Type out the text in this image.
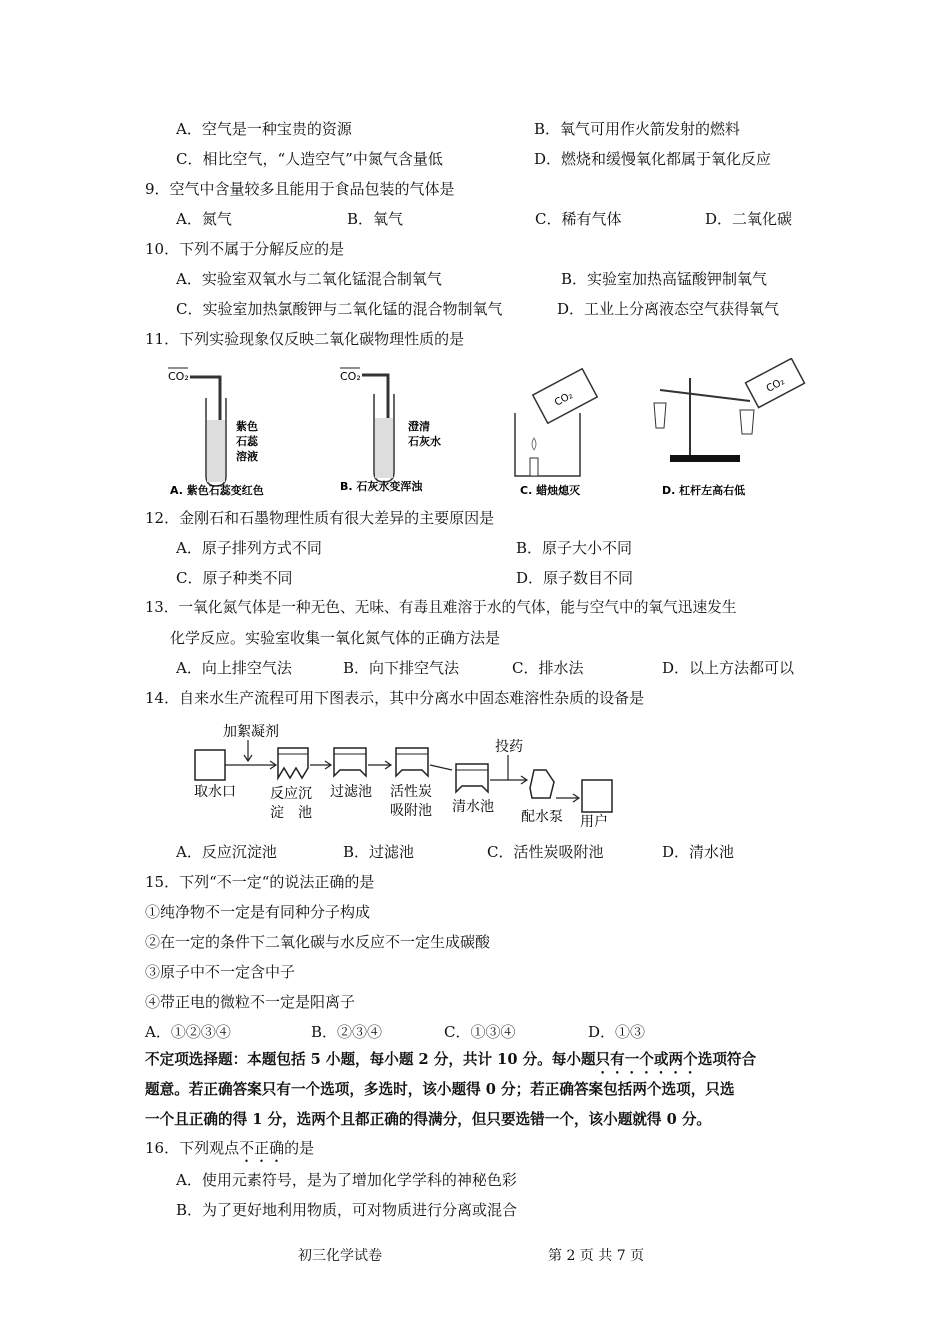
A．空气是一种宝贵的资源	B．氧气可用作火箭发射的燃料
C．相比空气，“人造空气”中氮气含量低	D．燃烧和缓慢氧化都属于氧化反应
9．空气中含量较多且能用于食品包装的气体是
A．氮气	B．氧气	C．稀有气体	D．二氧化碳
10．下列不属于分解反应的是
A．实验室双氧水与二氧化锰混合制氧气	B．实验室加热高锰酸钾制氧气
C．实验室加热氯酸钾与二氧化锰的混合物制氧气	D．工业上分离液态空气获得氧气
11．下列实验现象仅反映二氧化碳物理性质的是
CO₂
紫色
石蕊
溶液
A. 紫色石蕊变红色
CO₂
澄清
石灰水
B. 石灰水变浑浊
CO₂
C. 蜡烛熄灭
CO₂
D. 杠杆左高右低
12．金刚石和石墨物理性质有很大差异的主要原因是
A．原子排列方式不同	B．原子大小不同
C．原子种类不同	D．原子数目不同
13．一氧化氮气体是一种无色、无味、有毒且难溶于水的气体，能与空气中的氧气迅速发生
化学反应。实验室收集一氧化氮气体的正确方法是
A．向上排空气法	B．向下排空气法	C．排水法	D．以上方法都可以
14．自来水生产流程可用下图表示，其中分离水中固态难溶性杂质的设备是
加絮凝剂
取水口 反应沉
淀　池
过滤池 活性炭
吸附池 清水池
投药
配水泵 用户
A．反应沉淀池	B．过滤池	C．活性炭吸附池	D．清水池
15．下列“不一定“的说法正确的是
①纯净物不一定是有同种分子构成
②在一定的条件下二氧化碳与水反应不一定生成碳酸
③原子中不一定含中子
④带正电的微粒不一定是阳离子
A．①②③④	B．②③④	C．①③④	D．①③
不定项选择题：本题包括 5 小题，每小题 2 分，共计 10 分。每小题只有一个或两个选项符合
题意。若正确答案只有一个选项，多选时，该小题得 0 分；若正确答案包括两个选项，只选
一个且正确的得 1 分，选两个且都正确的得满分，但只要选错一个，该小题就得 0 分。
16．下列观点不正确的是
A．使用元素符号，是为了增加化学学科的神秘色彩
B．为了更好地利用物质，可对物质进行分离或混合
初三化学试卷	第 2 页 共 7 页
